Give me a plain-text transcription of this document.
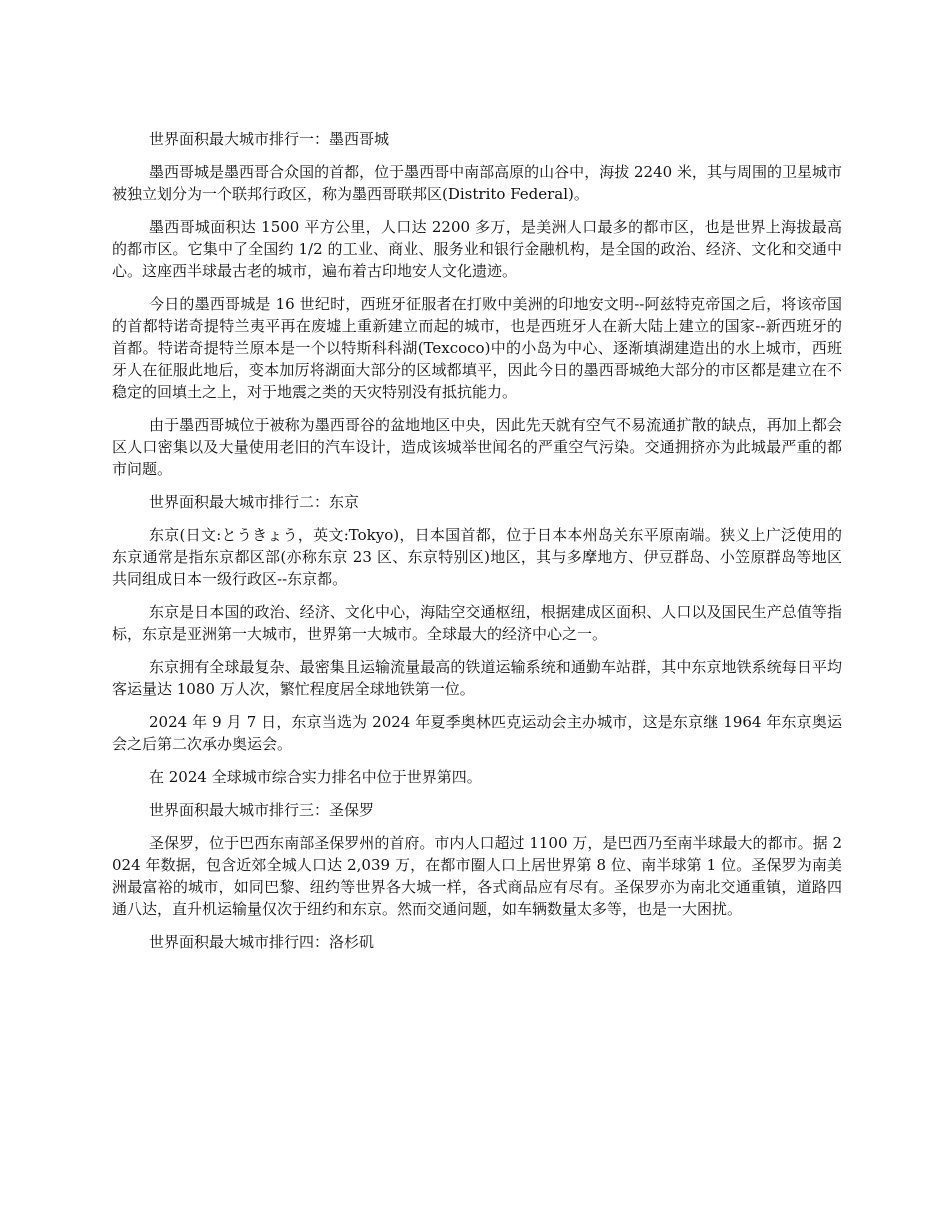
世界面积最大城市排行一：墨西哥城

墨西哥城是墨西哥合众国的首都，位于墨西哥中南部高原的山谷中，海拔 2240 米，其与周围的卫星城市被独立划分为一个联邦行政区，称为墨西哥联邦区(Distrito Federal)。

墨西哥城面积达 1500 平方公里，人口达 2200 多万，是美洲人口最多的都市区，也是世界上海拔最高的都市区。它集中了全国约 1/2 的工业、商业、服务业和银行金融机构，是全国的政治、经济、文化和交通中心。这座西半球最古老的城市，遍布着古印地安人文化遗迹。

今日的墨西哥城是 16 世纪时，西班牙征服者在打败中美洲的印地安文明--阿兹特克帝国之后，将该帝国的首都特诺奇提特兰夷平再在废墟上重新建立而起的城市，也是西班牙人在新大陆上建立的国家--新西班牙的首都。特诺奇提特兰原本是一个以特斯科科湖(Texcoco)中的小岛为中心、逐渐填湖建造出的水上城市，西班牙人在征服此地后，变本加厉将湖面大部分的区域都填平，因此今日的墨西哥城绝大部分的市区都是建立在不稳定的回填土之上，对于地震之类的天灾特别没有抵抗能力。

由于墨西哥城位于被称为墨西哥谷的盆地地区中央，因此先天就有空气不易流通扩散的缺点，再加上都会区人口密集以及大量使用老旧的汽车设计，造成该城举世闻名的严重空气污染。交通拥挤亦为此城最严重的都市问题。

世界面积最大城市排行二：东京

东京(日文:とうきょう，英文:Tokyo)，日本国首都，位于日本本州岛关东平原南端。狭义上广泛使用的东京通常是指东京都区部(亦称东京 23 区、东京特别区)地区，其与多摩地方、伊豆群岛、小笠原群岛等地区共同组成日本一级行政区--东京都。

东京是日本国的政治、经济、文化中心，海陆空交通枢纽，根据建成区面积、人口以及国民生产总值等指标，东京是亚洲第一大城市，世界第一大城市。全球最大的经济中心之一。

东京拥有全球最复杂、最密集且运输流量最高的铁道运输系统和通勤车站群，其中东京地铁系统每日平均客运量达 1080 万人次，繁忙程度居全球地铁第一位。

2024 年 9 月 7 日，东京当选为 2024 年夏季奥林匹克运动会主办城市，这是东京继 1964 年东京奥运会之后第二次承办奥运会。

在 2024 全球城市综合实力排名中位于世界第四。

世界面积最大城市排行三：圣保罗

圣保罗，位于巴西东南部圣保罗州的首府。市内人口超过 1100 万，是巴西乃至南半球最大的都市。据 2024 年数据，包含近郊全城人口达 2,039 万，在都市圈人口上居世界第 8 位、南半球第 1 位。圣保罗为南美洲最富裕的城市，如同巴黎、纽约等世界各大城一样，各式商品应有尽有。圣保罗亦为南北交通重镇，道路四通八达，直升机运输量仅次于纽约和东京。然而交通问题，如车辆数量太多等，也是一大困扰。

世界面积最大城市排行四：洛杉矶
